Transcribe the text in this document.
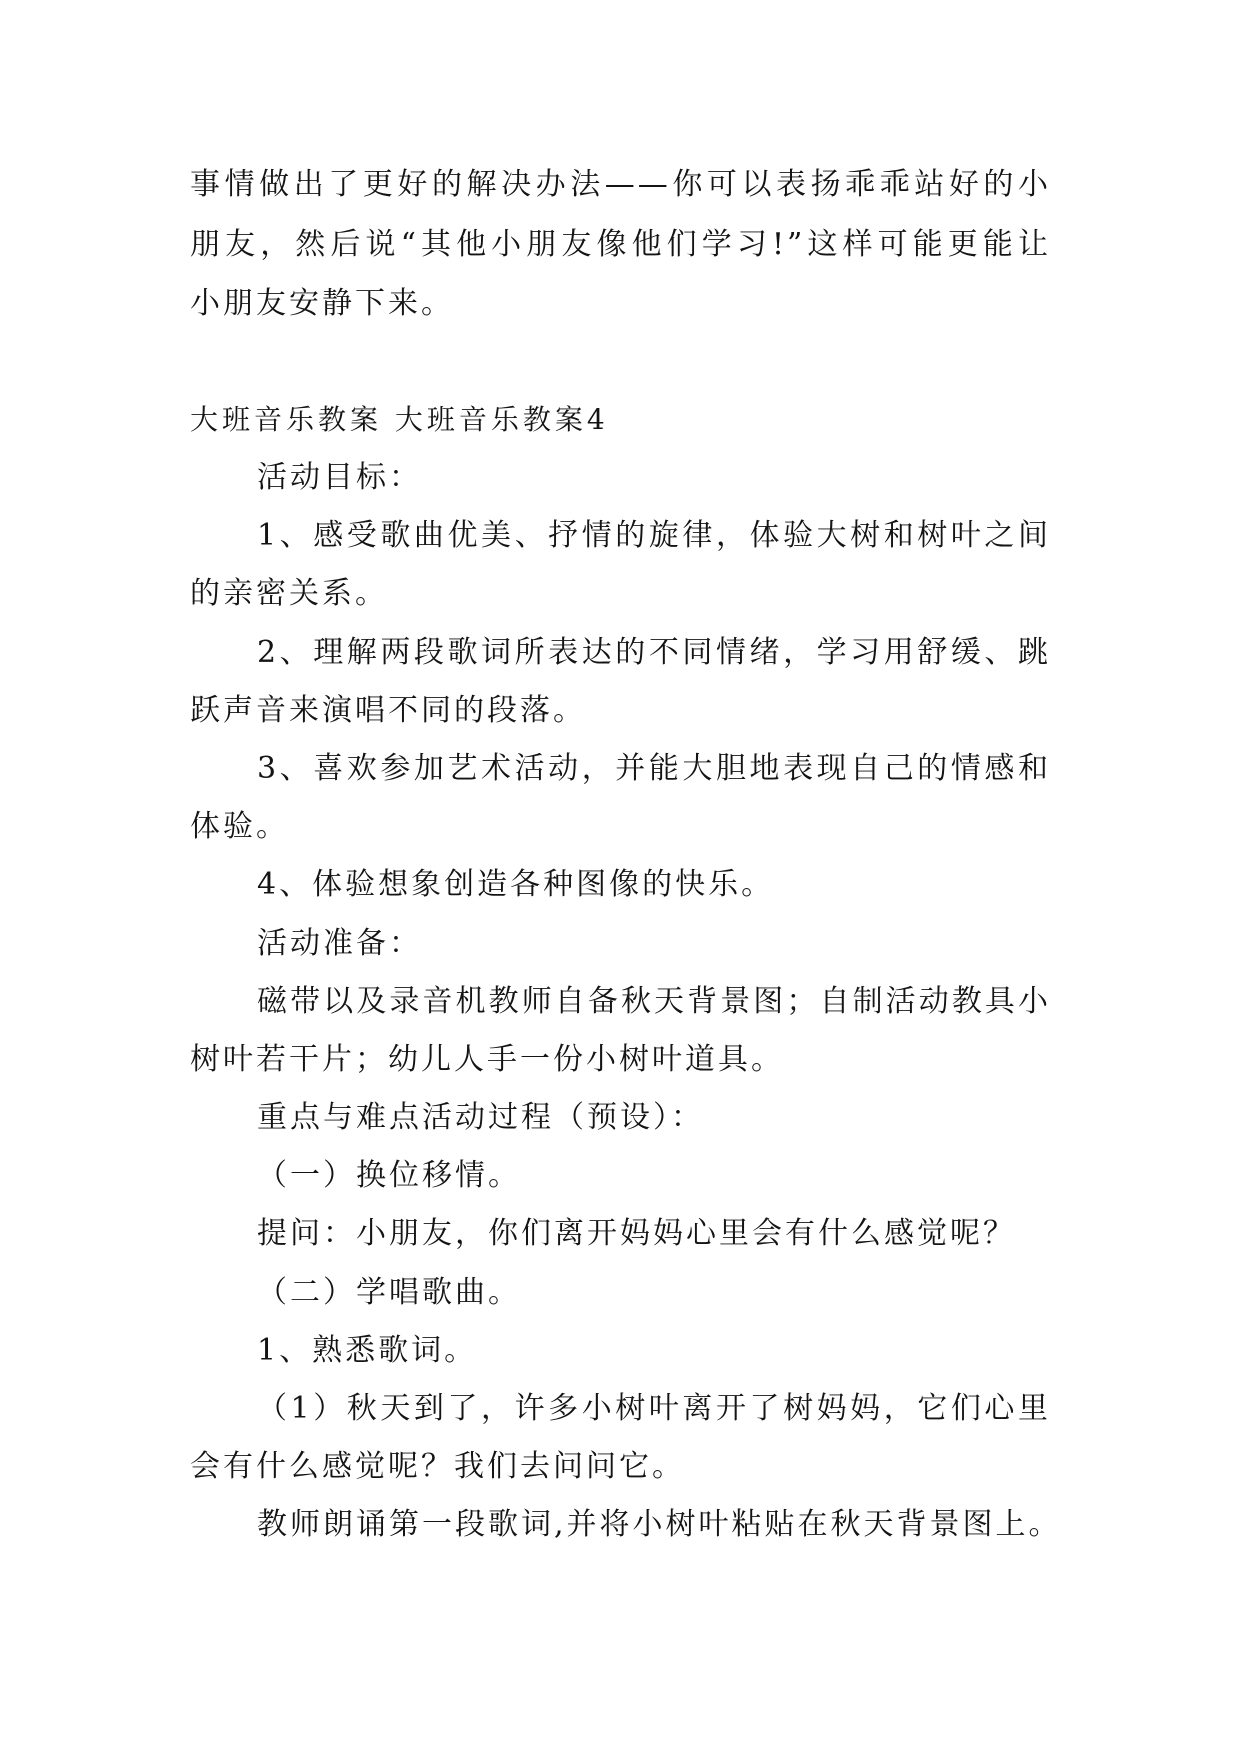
事情做出了更好的解决办法——你可以表扬乖乖站好的小
朋友，然后说“其他小朋友像他们学习!”这样可能更能让
小朋友安静下来。
大班音乐教案 大班音乐教案4
活动目标：
1、感受歌曲优美、抒情的旋律，体验大树和树叶之间
的亲密关系。
2、理解两段歌词所表达的不同情绪，学习用舒缓、跳
跃声音来演唱不同的段落。
3、喜欢参加艺术活动，并能大胆地表现自己的情感和
体验。
4、体验想象创造各种图像的快乐。
活动准备：
磁带以及录音机教师自备秋天背景图；自制活动教具小
树叶若干片；幼儿人手一份小树叶道具。
重点与难点活动过程（预设）：
（一）换位移情。
提问：小朋友，你们离开妈妈心里会有什么感觉呢？
（二）学唱歌曲。
1、熟悉歌词。
（1）秋天到了，许多小树叶离开了树妈妈，它们心里
会有什么感觉呢？我们去问问它。
教师朗诵第一段歌词,并将小树叶粘贴在秋天背景图上。
